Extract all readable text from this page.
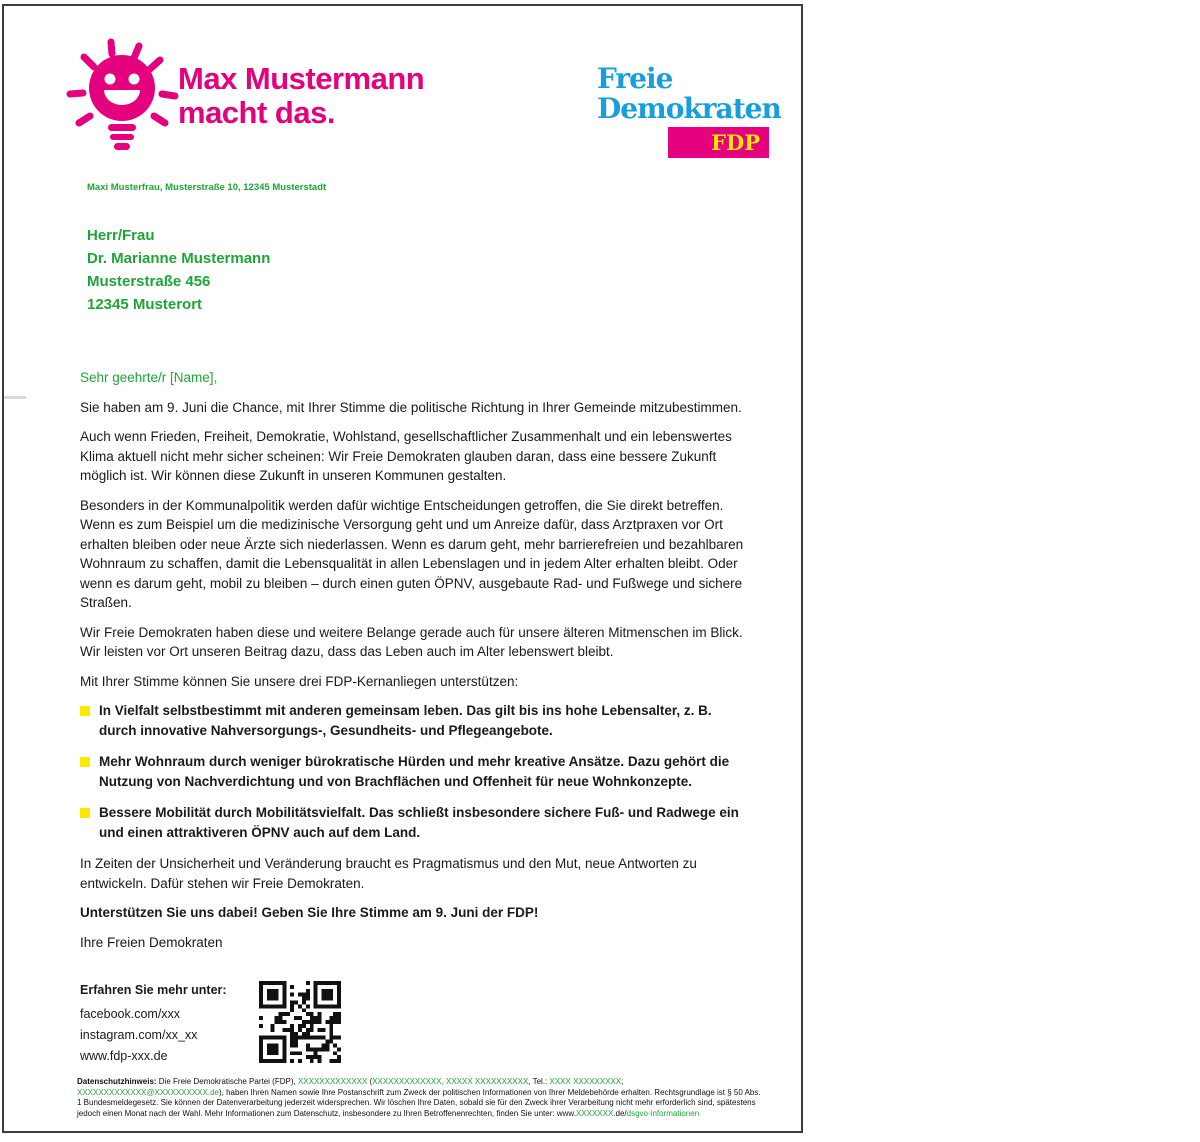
Max Mustermann
macht das.
Freie
Demokraten
FDP
Maxi Musterfrau, Musterstraße 10, 12345 Musterstadt
Herr/Frau
Dr. Marianne Mustermann
Musterstraße 456
12345 Musterort

Sehr geehrte/r [Name],

Sie haben am 9. Juni die Chance, mit Ihrer Stimme die politische Richtung in Ihrer Gemeinde mitzubestimmen.

Auch wenn Frieden, Freiheit, Demokratie, Wohlstand, gesellschaftlicher Zusammenhalt und ein lebenswertes Klima aktuell nicht mehr sicher scheinen: Wir Freie Demokraten glauben daran, dass eine bessere Zukunft möglich ist. Wir können diese Zukunft in unseren Kommunen gestalten.

Besonders in der Kommunalpolitik werden dafür wichtige Entscheidungen getroffen, die Sie direkt betreffen. Wenn es zum Beispiel um die medizinische Versorgung geht und um Anreize dafür, dass Arztpraxen vor Ort erhalten bleiben oder neue Ärzte sich niederlassen. Wenn es darum geht, mehr barrierefreien und bezahlbaren Wohnraum zu schaffen, damit die Lebensqualität in allen Lebenslagen und in jedem Alter erhalten bleibt. Oder wenn es darum geht, mobil zu bleiben – durch einen guten ÖPNV, ausgebaute Rad- und Fußwege und sichere Straßen.

Wir Freie Demokraten haben diese und weitere Belange gerade auch für unsere älteren Mitmenschen im Blick. Wir leisten vor Ort unseren Beitrag dazu, dass das Leben auch im Alter lebenswert bleibt.

Mit Ihrer Stimme können Sie unsere drei FDP-Kernanliegen unterstützen:

In Vielfalt selbstbestimmt mit anderen gemeinsam leben. Das gilt bis ins hohe Lebensalter, z. B. durch innovative Nahversorgungs-, Gesundheits- und Pflegeangebote.
Mehr Wohnraum durch weniger bürokratische Hürden und mehr kreative Ansätze. Dazu gehört die Nutzung von Nachverdichtung und von Brachflächen und Offenheit für neue Wohnkonzepte.
Bessere Mobilität durch Mobilitätsvielfalt. Das schließt insbesondere sichere Fuß- und Radwege ein und einen attraktiveren ÖPNV auch auf dem Land.

In Zeiten der Unsicherheit und Veränderung braucht es Pragmatismus und den Mut, neue Antworten zu entwickeln. Dafür stehen wir Freie Demokraten.

Unterstützen Sie uns dabei! Geben Sie Ihre Stimme am 9. Juni der FDP!

Ihre Freien Demokraten

Erfahren Sie mehr unter:
facebook.com/xxx
instagram.com/xx_xx
www.fdp-xxx.de

Datenschutzhinweis: Die Freie Demokratische Partei (FDP), XXXXXXXXXXXXX (XXXXXXXXXXXXX, XXXXX XXXXXXXXXX, Tel.: XXXX XXXXXXXXX; XXXXXXXXXXXXX@XXXXXXXXXX.de), haben Ihren Namen sowie Ihre Postanschrift zum Zweck der politischen Informationen von Ihrer Meldebehörde erhalten. Rechtsgrundlage ist § 50 Abs. 1 Bundesmeldegesetz. Sie können der Datenverarbeitung jederzeit widersprechen. Wir löschen Ihre Daten, sobald sie für den Zweck ihrer Verarbeitung nicht mehr erforderlich sind, spätestens jedoch einen Monat nach der Wahl. Mehr Informationen zum Datenschutz, insbesondere zu Ihren Betroffenenrechten, finden Sie unter: www.XXXXXXX.de/dsgvo-informationen
